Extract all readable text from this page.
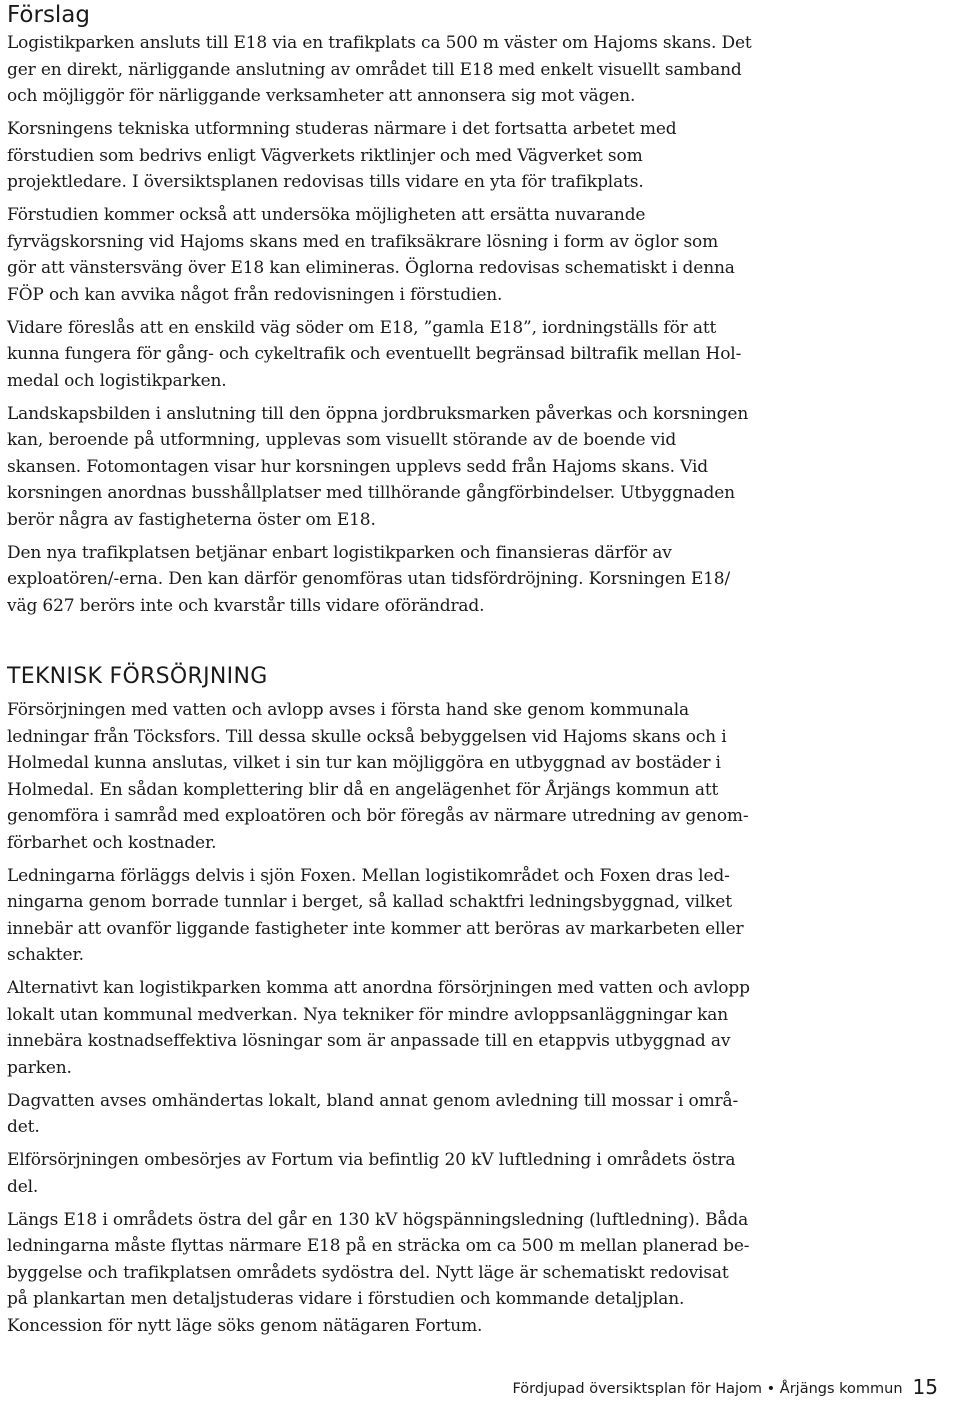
Förslag

Logistikparken ansluts till E18 via en trafikplats ca 500 m väster om Hajoms skans. Det ger en direkt, närliggande anslutning av området till E18 med enkelt visuellt samband och möjliggör för närliggande verksamheter att annonsera sig mot vägen.

Korsningens tekniska utformning studeras närmare i det fortsatta arbetet med förstudien som bedrivs enligt Vägverkets riktlinjer och med Vägverket som projektledare. I översiktsplanen redovisas tills vidare en yta för trafikplats.

Förstudien kommer också att undersöka möjligheten att ersätta nuvarande fyrvägskorsning vid Hajoms skans med en trafiksäkrare lösning i form av öglor som gör att vänstersväng över E18 kan elimineras. Öglorna redovisas schematiskt i denna FÖP och kan avvika något från redovisningen i förstudien.

Vidare föreslås att en enskild väg söder om E18, ”gamla E18”, iordningställs för att kunna fungera för gång- och cykeltrafik och eventuellt begränsad biltrafik mellan Holmedal och logistikparken.

Landskapsbilden i anslutning till den öppna jordbruksmarken påverkas och korsningen kan, beroende på utformning, upplevas som visuellt störande av de boende vid skansen. Fotomontagen visar hur korsningen upplevs sedd från Hajoms skans. Vid korsningen anordnas busshållplatser med tillhörande gångförbindelser. Utbyggnaden berör några av fastigheterna öster om E18.

Den nya trafikplatsen betjänar enbart logistikparken och finansieras därför av exploatören/-erna. Den kan därför genomföras utan tidsfördröjning. Korsningen E18/ väg 627 berörs inte och kvarstår tills vidare oförändrad.

TEKNISK FÖRSÖRJNING

Försörjningen med vatten och avlopp avses i första hand ske genom kommunala ledningar från Töcksfors. Till dessa skulle också bebyggelsen vid Hajoms skans och i Holmedal kunna anslutas, vilket i sin tur kan möjliggöra en utbyggnad av bostäder i Holmedal. En sådan komplettering blir då en angelägenhet för Årjängs kommun att genomföra i samråd med exploatören och bör föregås av närmare utredning av genomförbarhet och kostnader.

Ledningarna förläggs delvis i sjön Foxen. Mellan logistikområdet och Foxen dras ledningarna genom borrade tunnlar i berget, så kallad schaktfri ledningsbyggnad, vilket innebär att ovanför liggande fastigheter inte kommer att beröras av markarbeten eller schakter.

Alternativt kan logistikparken komma att anordna försörjningen med vatten och avlopp lokalt utan kommunal medverkan. Nya tekniker för mindre avloppsanläggningar kan innebära kostnadseffektiva lösningar som är anpassade till en etappvis utbyggnad av parken.

Dagvatten avses omhändertas lokalt, bland annat genom avledning till mossar i området.

Elförsörjningen ombesörjes av Fortum via befintlig 20 kV luftledning i områdets östra del.

Längs E18 i områdets östra del går en 130 kV högspänningsledning (luftledning). Båda ledningarna måste flyttas närmare E18 på en sträcka om ca 500 m mellan planerad bebyggelse och trafikplatsen områdets sydöstra del. Nytt läge är schematiskt redovisat på plankartan men detaljstuderas vidare i förstudien och kommande detaljplan. Koncession för nytt läge söks genom nätägaren Fortum.

Fördjupad översiktsplan för Hajom • Årjängs kommun 15
